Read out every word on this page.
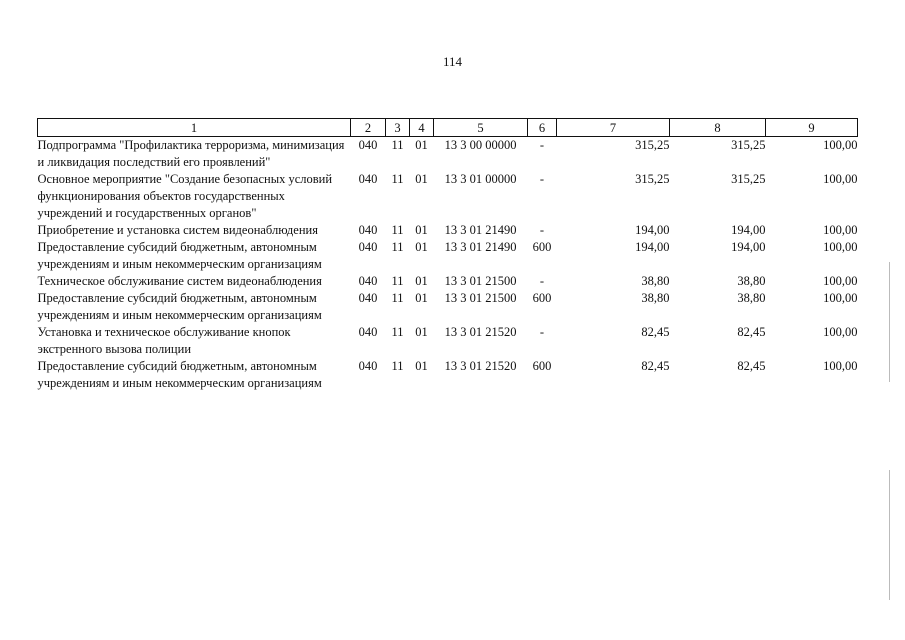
114
1	2	3	4	5	6	7	8	9
Подпрограмма "Профилактика терроризма, минимизация и ликвидация последствий его проявлений"	040	11	01	13 3 00 00000	-	315,25	315,25	100,00
Основное мероприятие "Создание безопасных условий функционирования объектов государственных учреждений и государственных органов"	040	11	01	13 3 01 00000	-	315,25	315,25	100,00
Приобретение и установка систем видеонаблюдения	040	11	01	13 3 01 21490	-	194,00	194,00	100,00
Предоставление субсидий бюджетным, автономным учреждениям и иным некоммерческим организациям	040	11	01	13 3 01 21490	600	194,00	194,00	100,00
Техническое обслуживание систем видеонаблюдения	040	11	01	13 3 01 21500	-	38,80	38,80	100,00
Предоставление субсидий бюджетным, автономным учреждениям и иным некоммерческим организациям	040	11	01	13 3 01 21500	600	38,80	38,80	100,00
Установка и техническое обслуживание кнопок экстренного вызова полиции	040	11	01	13 3 01 21520	-	82,45	82,45	100,00
Предоставление субсидий бюджетным, автономным учреждениям и иным некоммерческим организациям	040	11	01	13 3 01 21520	600	82,45	82,45	100,00
